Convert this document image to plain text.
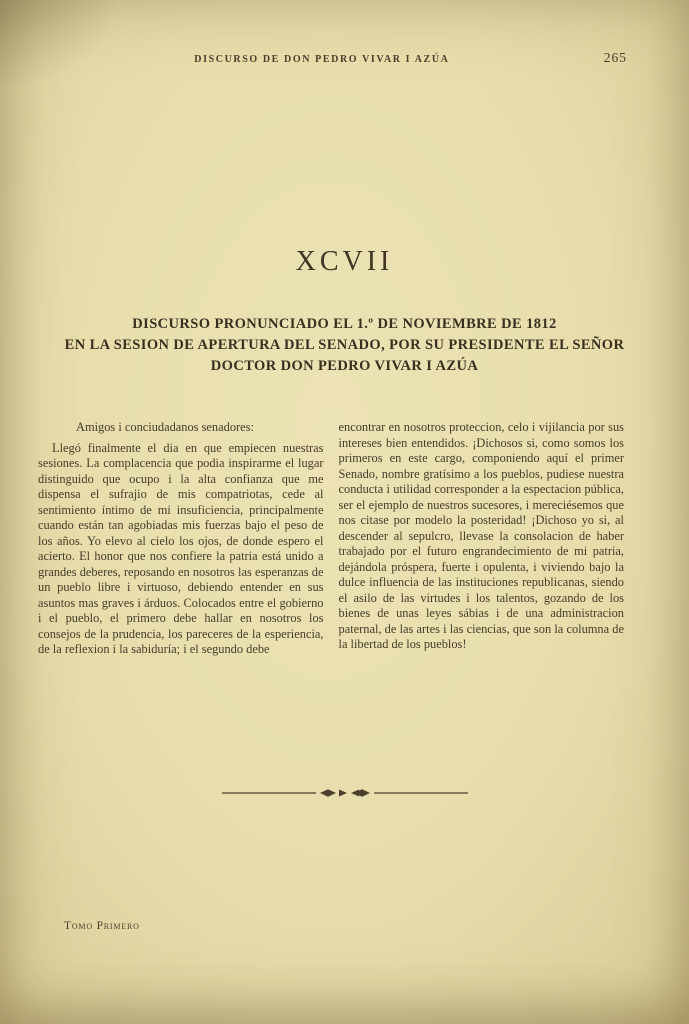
DISCURSO DE DON PEDRO VIVAR I AZÚA	265
XCVII
DISCURSO PRONUNCIADO EL 1.º DE NOVIEMBRE DE 1812
EN LA SESION DE APERTURA DEL SENADO, POR SU PRESIDENTE EL SEÑOR
DOCTOR DON PEDRO VIVAR I AZÚA

Amigos i conciudadanos senadores:

Llegó finalmente el dia en que empiecen nuestras sesiones. La complacencia que podia inspirarme el lugar distinguido que ocupo i la alta confianza que me dispensa el sufrajio de mis compatriotas, cede al sentimiento íntimo de mi insuficiencia, principalmente cuando están tan agobiadas mis fuerzas bajo el peso de los años. Yo elevo al cielo los ojos, de donde espero el acierto. El honor que nos confiere la patria está unido a grandes deberes, reposando en nosotros las esperanzas de un pueblo libre i virtuoso, debiendo entender en sus asuntos mas graves i árduos. Colocados entre el gobierno i el pueblo, el primero debe hallar en nosotros los consejos de la prudencia, los pareceres de la esperiencia, de la reflexion i la sabiduría; i el segundo debe

encontrar en nosotros proteccion, celo i vijilancia por sus intereses bien entendidos. ¡Dichosos si, como somos los primeros en este cargo, componiendo aquí el primer Senado, nombre gratísimo a los pueblos, pudiese nuestra conducta i utilidad corresponder a la espectacion pública, ser el ejemplo de nuestros sucesores, i mereciésemos que nos citase por modelo la posteridad! ¡Dichoso yo si, al descender al sepulcro, llevase la consolacion de haber trabajado por el futuro engrandecimiento de mi patria, dejándola próspera, fuerte i opulenta, i viviendo bajo la dulce influencia de las instituciones republicanas, siendo el asilo de las virtudes i los talentos, gozando de los bienes de unas leyes sábias i de una administracion paternal, de las artes i las ciencias, que son la columna de la libertad de los pueblos!

Tomo Primero
